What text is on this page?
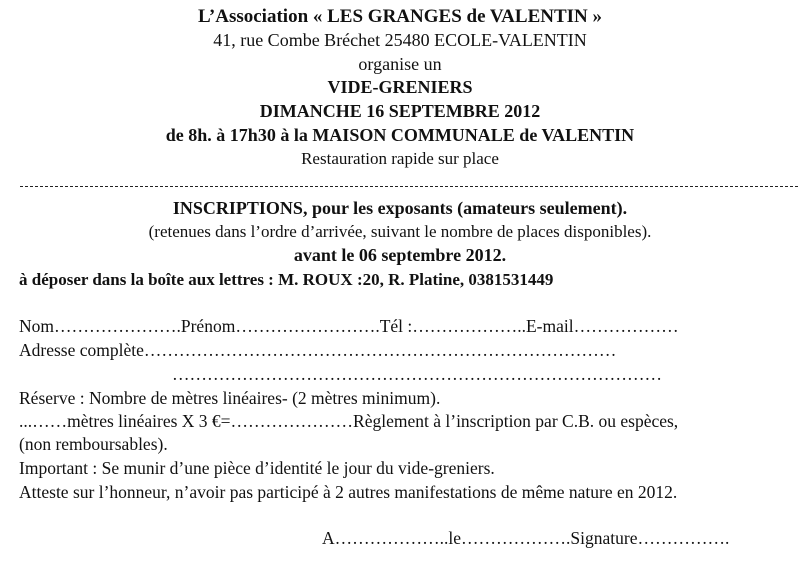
L’Association « LES GRANGES de VALENTIN »
41, rue Combe Bréchet 25480 ECOLE-VALENTIN
organise un
VIDE-GRENIERS
DIMANCHE 16 SEPTEMBRE 2012
de 8h. à 17h30 à la MAISON COMMUNALE de VALENTIN
Restauration rapide sur place
INSCRIPTIONS, pour les exposants (amateurs seulement).
(retenues dans l’ordre d’arrivée, suivant le nombre de places disponibles).
avant le 06 septembre 2012.
à déposer dans la boîte aux lettres : M. ROUX :20, R. Platine, 0381531449
Nom………………….Prénom…………………….Tél :………………..E-mail………………
Adresse complète………………………………………………………………………
…………………………………………………………………………
Réserve : Nombre de mètres linéaires- (2 mètres minimum).
...……mètres linéaires X 3 €=…………………Règlement à l’inscription par C.B. ou espèces,
(non remboursables).
Important : Se munir d’une pièce d’identité le jour du vide-greniers.
Atteste sur l’honneur, n’avoir pas participé à 2 autres manifestations de même nature en 2012.
A………………..le……………….Signature…………….
